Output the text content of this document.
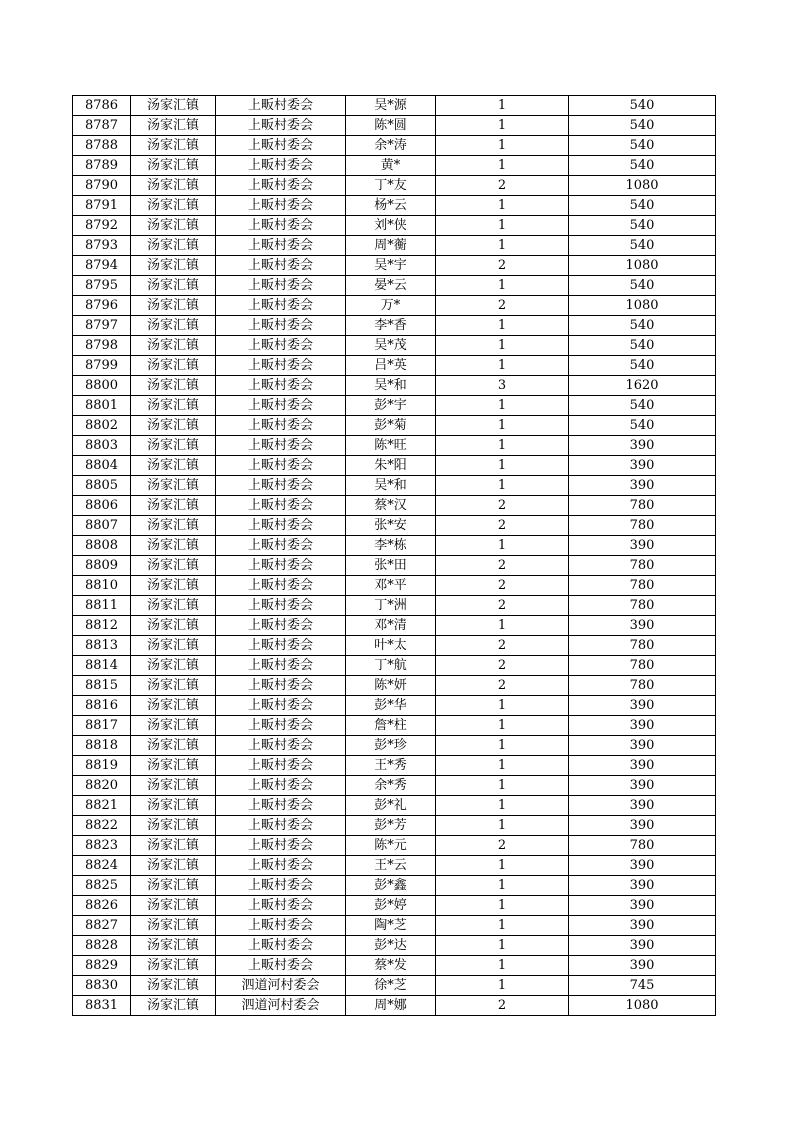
8786	汤家汇镇	上畈村委会	吴*源	1	540
8787	汤家汇镇	上畈村委会	陈*圆	1	540
8788	汤家汇镇	上畈村委会	余*涛	1	540
8789	汤家汇镇	上畈村委会	黄*	1	540
8790	汤家汇镇	上畈村委会	丁*友	2	1080
8791	汤家汇镇	上畈村委会	杨*云	1	540
8792	汤家汇镇	上畈村委会	刘*侠	1	540
8793	汤家汇镇	上畈村委会	周*蘅	1	540
8794	汤家汇镇	上畈村委会	吴*宇	2	1080
8795	汤家汇镇	上畈村委会	晏*云	1	540
8796	汤家汇镇	上畈村委会	万*	2	1080
8797	汤家汇镇	上畈村委会	李*香	1	540
8798	汤家汇镇	上畈村委会	吴*茂	1	540
8799	汤家汇镇	上畈村委会	吕*英	1	540
8800	汤家汇镇	上畈村委会	吴*和	3	1620
8801	汤家汇镇	上畈村委会	彭*宇	1	540
8802	汤家汇镇	上畈村委会	彭*菊	1	540
8803	汤家汇镇	上畈村委会	陈*旺	1	390
8804	汤家汇镇	上畈村委会	朱*阳	1	390
8805	汤家汇镇	上畈村委会	吴*和	1	390
8806	汤家汇镇	上畈村委会	蔡*汉	2	780
8807	汤家汇镇	上畈村委会	张*安	2	780
8808	汤家汇镇	上畈村委会	李*栋	1	390
8809	汤家汇镇	上畈村委会	张*田	2	780
8810	汤家汇镇	上畈村委会	邓*平	2	780
8811	汤家汇镇	上畈村委会	丁*洲	2	780
8812	汤家汇镇	上畈村委会	邓*清	1	390
8813	汤家汇镇	上畈村委会	叶*太	2	780
8814	汤家汇镇	上畈村委会	丁*航	2	780
8815	汤家汇镇	上畈村委会	陈*妍	2	780
8816	汤家汇镇	上畈村委会	彭*华	1	390
8817	汤家汇镇	上畈村委会	詹*柱	1	390
8818	汤家汇镇	上畈村委会	彭*珍	1	390
8819	汤家汇镇	上畈村委会	王*秀	1	390
8820	汤家汇镇	上畈村委会	余*秀	1	390
8821	汤家汇镇	上畈村委会	彭*礼	1	390
8822	汤家汇镇	上畈村委会	彭*芳	1	390
8823	汤家汇镇	上畈村委会	陈*元	2	780
8824	汤家汇镇	上畈村委会	王*云	1	390
8825	汤家汇镇	上畈村委会	彭*鑫	1	390
8826	汤家汇镇	上畈村委会	彭*婷	1	390
8827	汤家汇镇	上畈村委会	陶*芝	1	390
8828	汤家汇镇	上畈村委会	彭*达	1	390
8829	汤家汇镇	上畈村委会	蔡*发	1	390
8830	汤家汇镇	泗道河村委会	徐*芝	1	745
8831	汤家汇镇	泗道河村委会	周*娜	2	1080
